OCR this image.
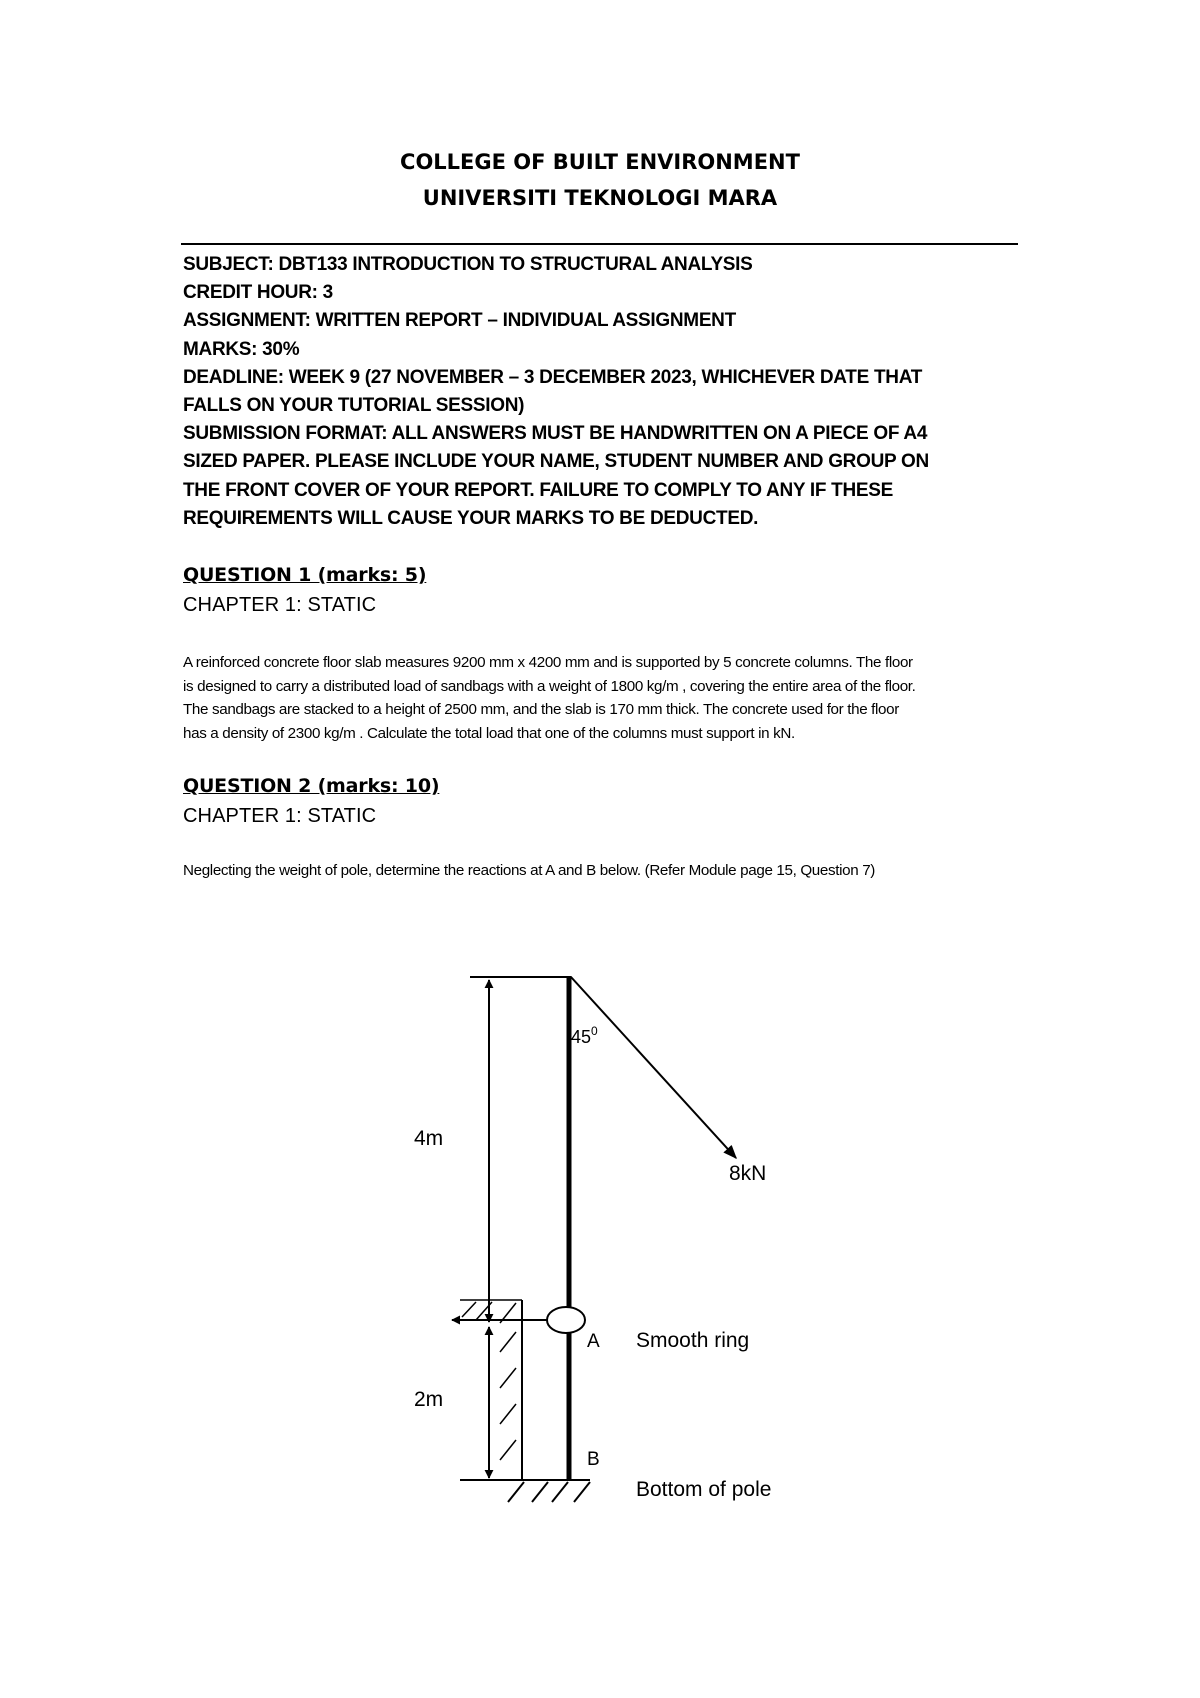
COLLEGE OF BUILT ENVIRONMENT
UNIVERSITI TEKNOLOGI MARA
SUBJECT: DBT133 INTRODUCTION TO STRUCTURAL ANALYSIS
CREDIT HOUR: 3
ASSIGNMENT: WRITTEN REPORT – INDIVIDUAL ASSIGNMENT
MARKS: 30%
DEADLINE: WEEK 9 (27 NOVEMBER – 3 DECEMBER 2023, WHICHEVER DATE THAT
FALLS ON YOUR TUTORIAL SESSION)
SUBMISSION FORMAT: ALL ANSWERS MUST BE HANDWRITTEN ON A PIECE OF A4
SIZED PAPER. PLEASE INCLUDE YOUR NAME, STUDENT NUMBER AND GROUP ON
THE FRONT COVER OF YOUR REPORT. FAILURE TO COMPLY TO ANY IF THESE
REQUIREMENTS WILL CAUSE YOUR MARKS TO BE DEDUCTED.
QUESTION 1 (marks: 5)
CHAPTER 1: STATIC
A reinforced concrete floor slab measures 9200 mm x 4200 mm and is supported by 5 concrete columns. The floor
is designed to carry a distributed load of sandbags with a weight of 1800 kg/m , covering the entire area of the floor.
The sandbags are stacked to a height of 2500 mm, and the slab is 170 mm thick. The concrete used for the floor
has a density of 2300 kg/m . Calculate the total load that one of the columns must support in kN.
QUESTION 2 (marks: 10)
CHAPTER 1: STATIC
Neglecting the weight of pole, determine the reactions at A and B below. (Refer Module page 15, Question 7)
$45^0$
4m
8kN
2m
A Smooth ring
B
Bottom of pole
